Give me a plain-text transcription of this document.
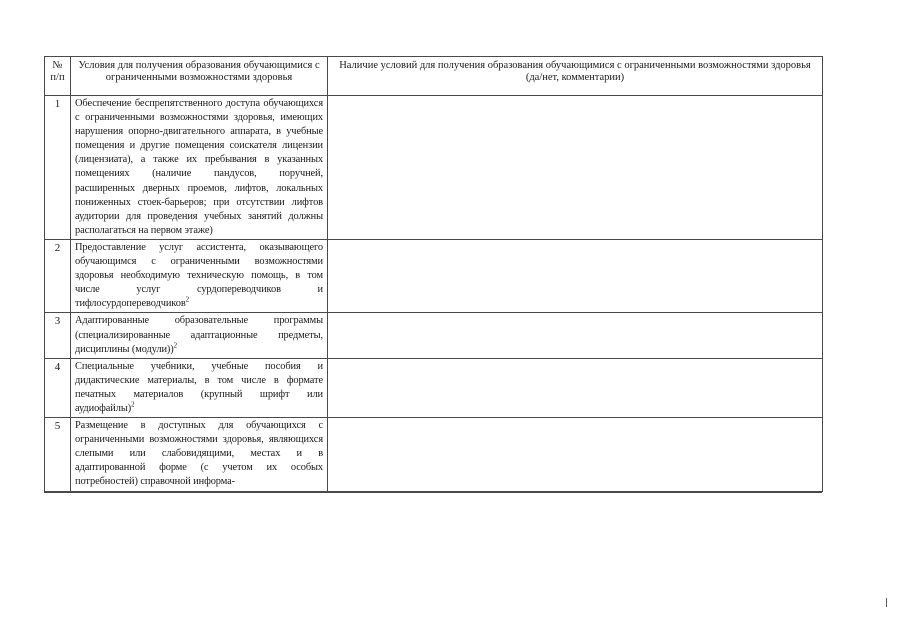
№ п/п	Условия для получения образования обучающимися с ограниченными возможностями здоровья	Наличие условий для получения образования обучающимися с ограниченными возможностями здоровья (да/нет, комментарии)

1	Обеспечение беспрепятственного доступа обучающихся с ограниченными возможностями здоровья, имеющих нарушения опорно-двигательного аппарата, в учебные помещения и другие помещения соискателя лицензии (лицензиата), а также их пребывания в указанных помещениях (наличие пандусов, поручней, расширенных дверных проемов, лифтов, локальных пониженных стоек-барьеров; при отсутствии лифтов аудитории для проведения учебных занятий должны располагаться на первом этаже)	

2	Предоставление услуг ассистента, оказывающего обучающимся с ограниченными возможностями здоровья необходимую техническую помощь, в том числе услуг сурдопереводчиков и тифлосурдопереводчиков$^2$

3	Адаптированные образовательные программы (специализированные адаптационные предметы, дисциплины (модули))$^2$

4	Специальные учебники, учебные пособия и дидактические материалы, в том числе в формате печатных материалов (крупный шрифт или аудиофайлы)$^2$

5	Размещение в доступных для обучающихся с ограниченными возможностями здоровья, являющихся слепыми или слабовидящими, местах и в адаптированной форме (с учетом их особых потребностей) справочной информа-	
